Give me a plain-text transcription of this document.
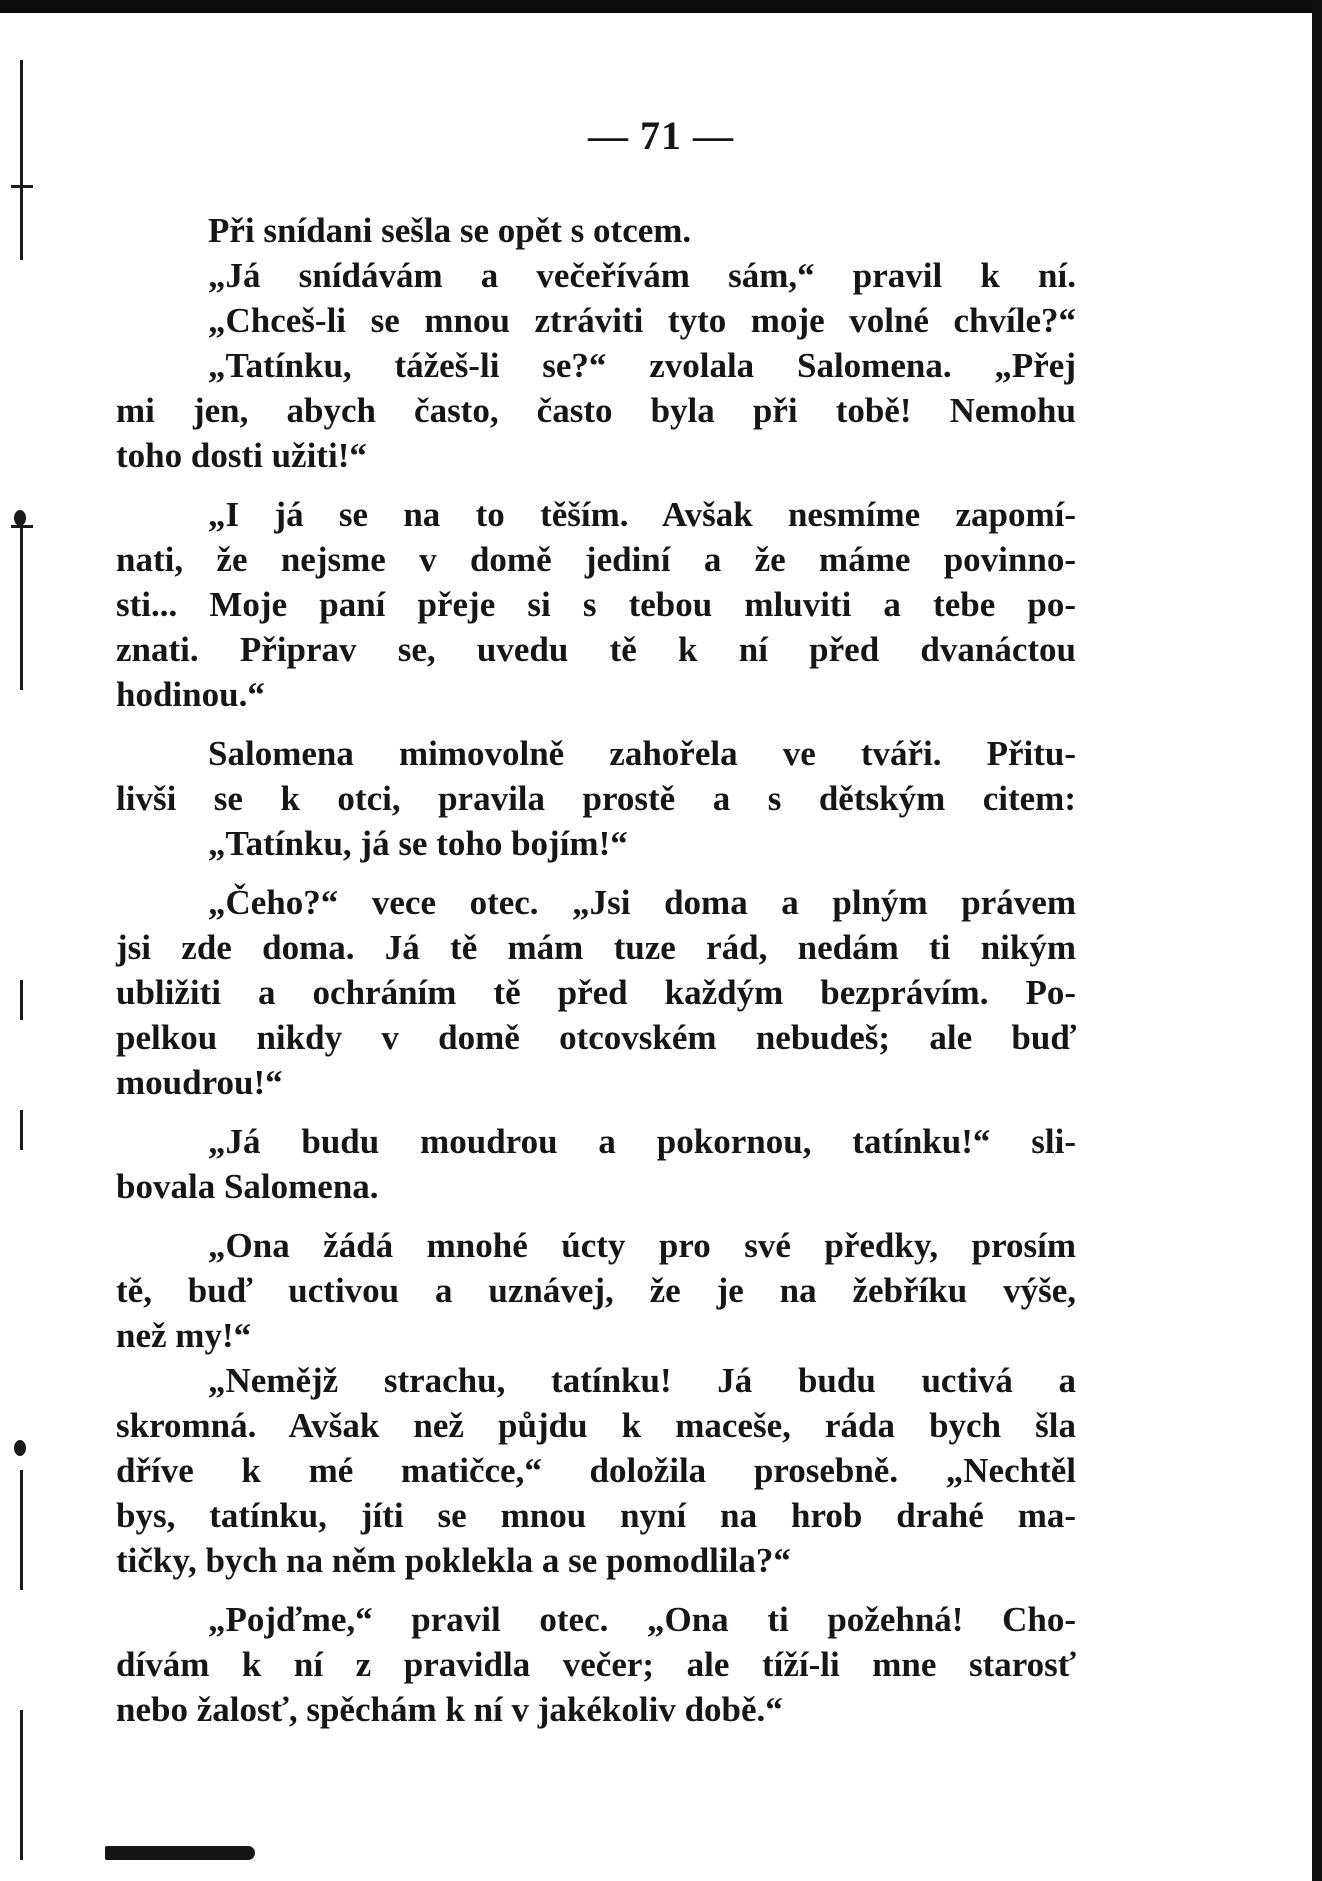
— 71 —
Při snídani sešla se opět s otcem.
„Já snídávám a večeřívám sám,“ pravil k ní.
„Chceš-li se mnou ztráviti tyto moje volné chvíle?“
„Tatínku, tážeš-li se?“ zvolala Salomena. „Přej
mi jen, abych často, často byla při tobě! Nemohu
toho dosti užiti!“
„I já se na to těším. Avšak nesmíme zapomí-
nati, že nejsme v domě jediní a že máme povinno-
sti... Moje paní přeje si s tebou mluviti a tebe po-
znati. Připrav se, uvedu tě k ní před dvanáctou
hodinou.“
Salomena mimovolně zahořela ve tváři. Přitu-
livši se k otci, pravila prostě a s dětským citem:
„Tatínku, já se toho bojím!“
„Čeho?“ vece otec. „Jsi doma a plným právem
jsi zde doma. Já tě mám tuze rád, nedám ti nikým
ubližiti a ochráním tě před každým bezprávím. Po-
pelkou nikdy v domě otcovském nebudeš; ale buď
moudrou!“
„Já budu moudrou a pokornou, tatínku!“ sli-
bovala Salomena.
„Ona žádá mnohé úcty pro své předky, prosím
tě, buď uctivou a uznávej, že je na žebříku výše,
než my!“
„Nemějž strachu, tatínku! Já budu uctivá a
skromná. Avšak než půjdu k maceše, ráda bych šla
dříve k mé matičce,“ doložila prosebně. „Nechtěl
bys, tatínku, jíti se mnou nyní na hrob drahé ma-
tičky, bych na něm poklekla a se pomodlila?“
„Pojďme,“ pravil otec. „Ona ti požehná! Cho-
dívám k ní z pravidla večer; ale tíží-li mne starosť
nebo žalosť, spěchám k ní v jakékoliv době.“
